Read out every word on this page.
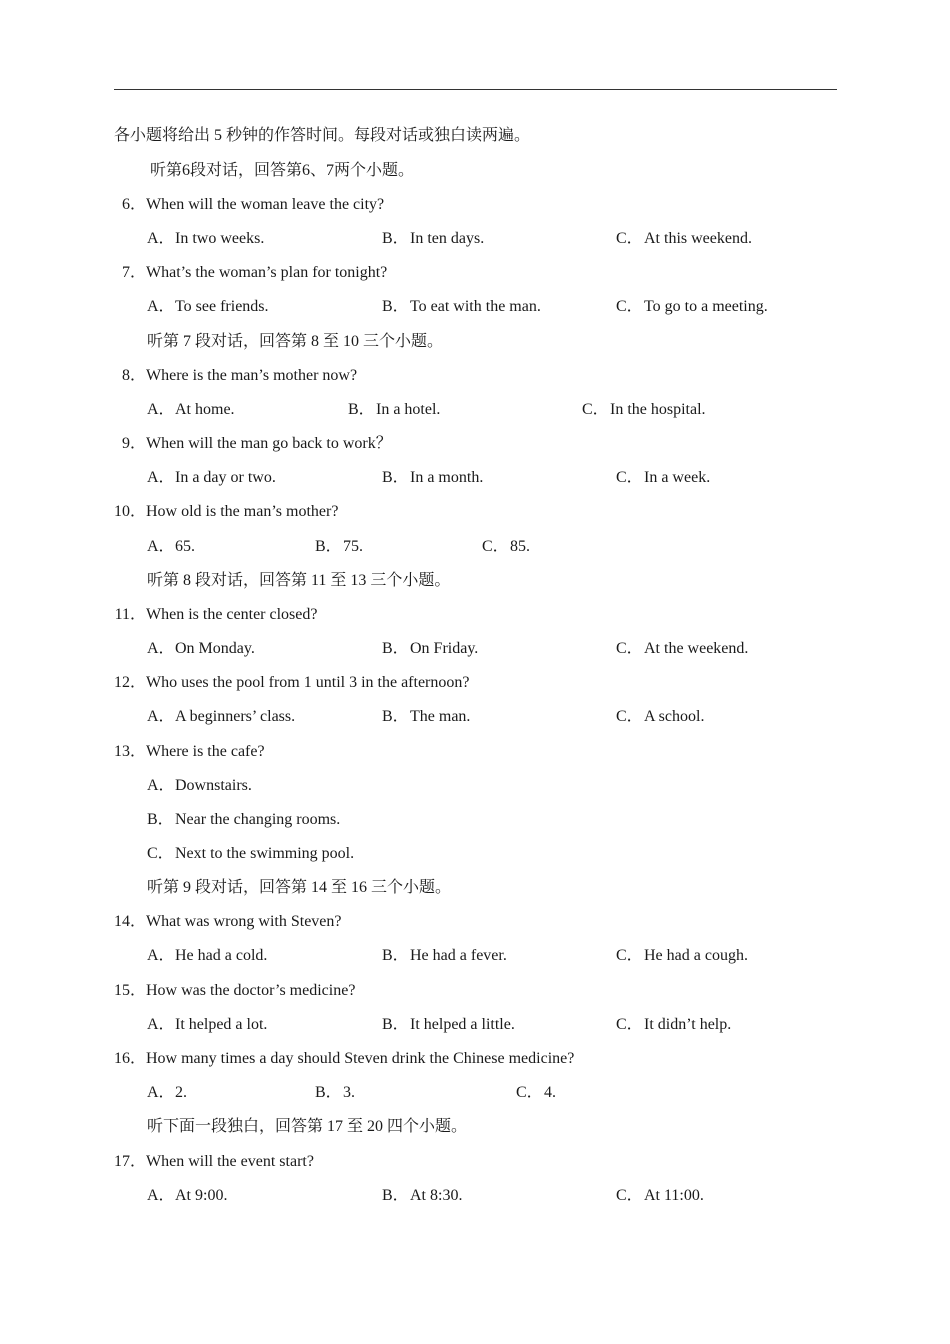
各小题将给出 5 秒钟的作答时间。每段对话或独白读两遍。
听第6段对话，回答第6、7两个小题。
6．When will the woman leave the city?
A．In two weeks.	B．In ten days.	C．At this weekend.
7．What’s the woman’s plan for tonight?
A．To see friends.	B．To eat with the man.	C．To go to a meeting.
听第 7 段对话，回答第 8 至 10 三个小题。
8．Where is the man’s mother now?
A．At home.	B．In a hotel.	C．In the hospital.
9．When will the man go back to work？
A．In a day or two.	B．In a month.	C．In a week.
10．How old is the man’s mother?
A．65.	B．75.	C．85.
听第 8 段对话，回答第 11 至 13 三个小题。
11．When is the center closed?
A．On Monday.	B．On Friday.	C．At the weekend.
12．Who uses the pool from 1 until 3 in the afternoon?
A．A beginners’ class.	B．The man.	C．A school.
13．Where is the cafe?
A．Downstairs.
B．Near the changing rooms.
C．Next to the swimming pool.
听第 9 段对话，回答第 14 至 16 三个小题。
14．What was wrong with Steven?
A．He had a cold.	B．He had a fever.	C．He had a cough.
15．How was the doctor’s medicine?
A．It helped a lot.	B．It helped a little.	C．It didn’t help.
16．How many times a day should Steven drink the Chinese medicine?
A．2.	B．3.	C．4.
听下面一段独白，回答第 17 至 20 四个小题。
17．When will the event start?
A．At 9:00.	B．At 8:30.	C．At 11:00.
